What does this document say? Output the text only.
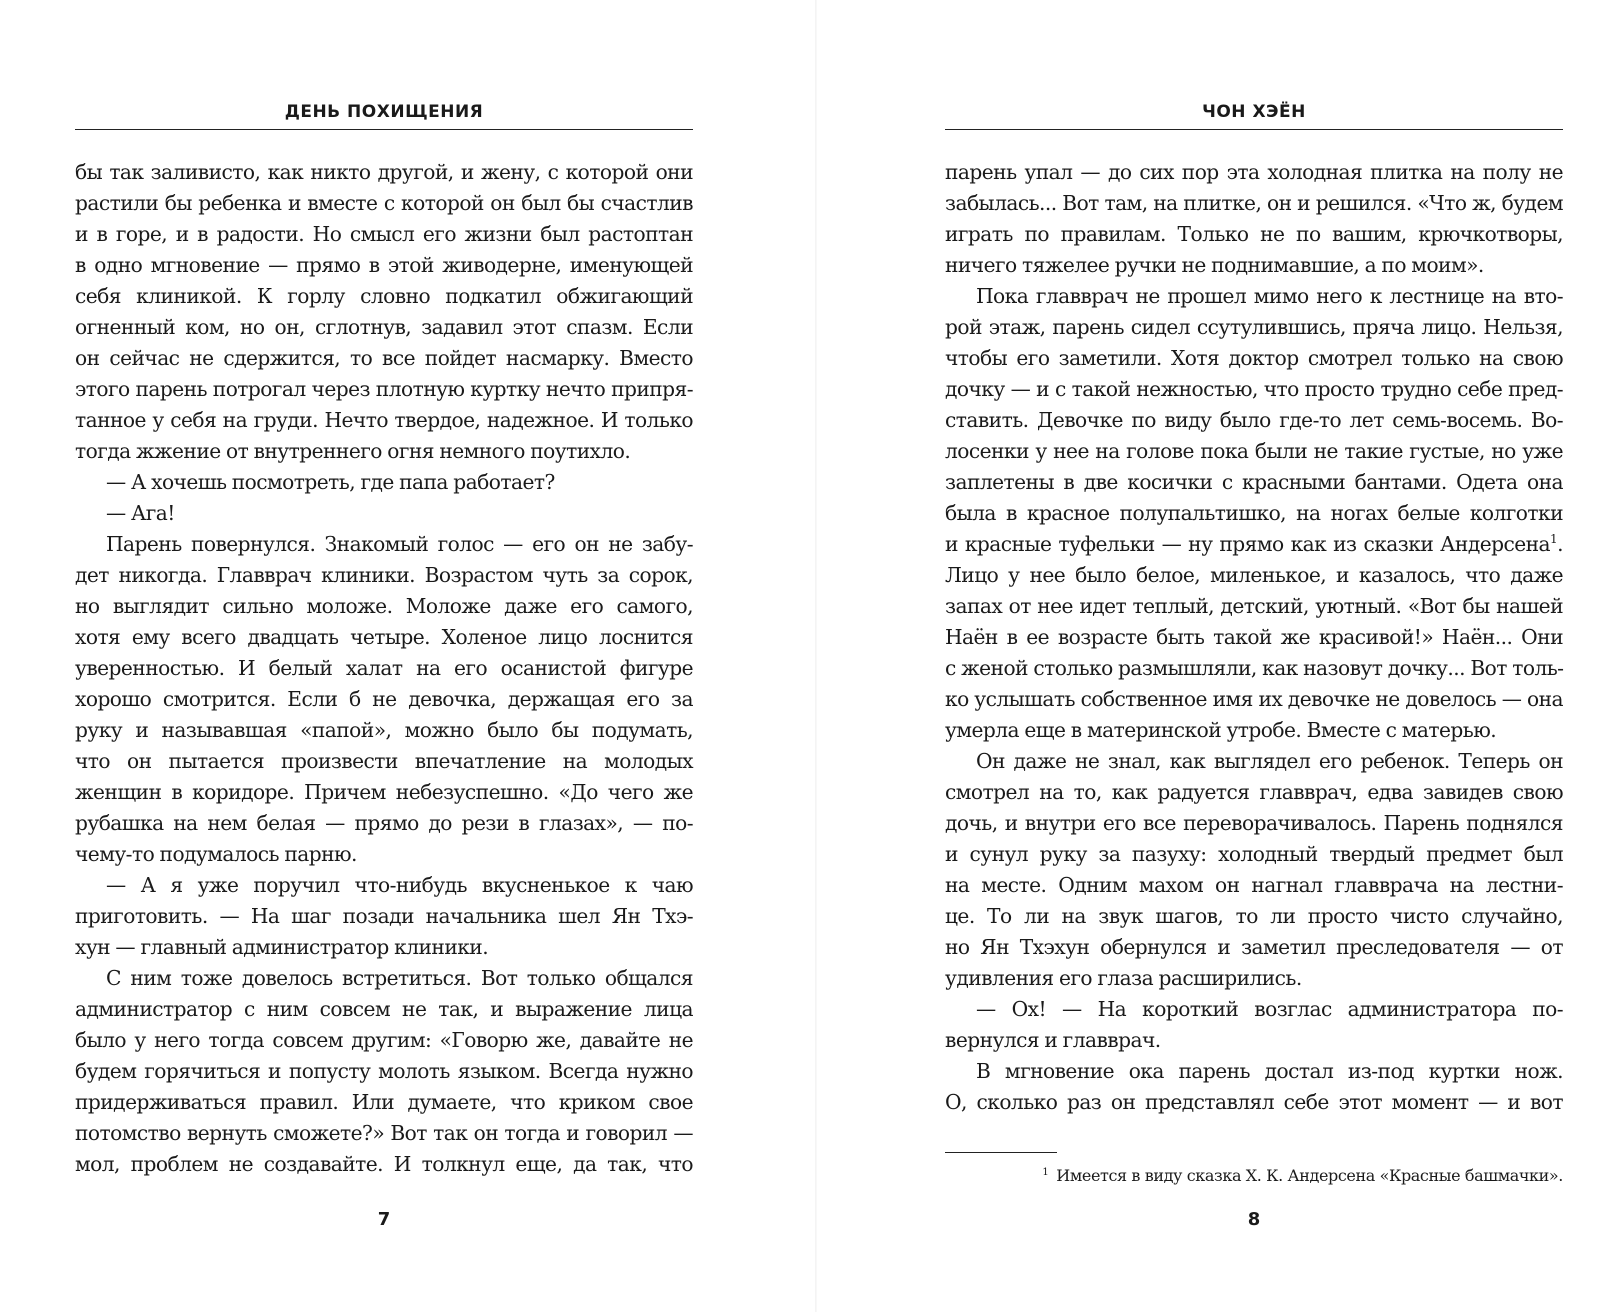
ДЕНЬ ПОХИЩЕНИЯ
бы так заливисто, как никто другой, и жену, с которой они
растили бы ребенка и вместе с которой он был бы счастлив
и в горе, и в радости. Но смысл его жизни был растоптан
в одно мгновение — прямо в этой живодерне, именующей
себя клиникой. К горлу словно подкатил обжигающий
огненный ком, но он, сглотнув, задавил этот спазм. Если
он сейчас не сдержится, то все пойдет насмарку. Вместо
этого парень потрогал через плотную куртку нечто припря-
танное у себя на груди. Нечто твердое, надежное. И только
тогда жжение от внутреннего огня немного поутихло.
— А хочешь посмотреть, где папа работает?
— Ага!
Парень повернулся. Знакомый голос — его он не забу-
дет никогда. Главврач клиники. Возрастом чуть за сорок,
но выглядит сильно моложе. Моложе даже его самого,
хотя ему всего двадцать четыре. Холеное лицо лоснится
уверенностью. И белый халат на его осанистой фигуре
хорошо смотрится. Если б не девочка, держащая его за
руку и называвшая «папой», можно было бы подумать,
что он пытается произвести впечатление на молодых
женщин в коридоре. Причем небезуспешно. «До чего же
рубашка на нем белая — прямо до рези в глазах», — по-
чему-то подумалось парню.
— А я уже поручил что-нибудь вкусненькое к чаю
приготовить. — На шаг позади начальника шел Ян Тхэ-
хун — главный администратор клиники.
С ним тоже довелось встретиться. Вот только общался
администратор с ним совсем не так, и выражение лица
было у него тогда совсем другим: «Говорю же, давайте не
будем горячиться и попусту молоть языком. Всегда нужно
придерживаться правил. Или думаете, что криком свое
потомство вернуть сможете?» Вот так он тогда и говорил —
мол, проблем не создавайте. И толкнул еще, да так, что
7
ЧОН ХЭЁН
парень упал — до сих пор эта холодная плитка на полу не
забылась... Вот там, на плитке, он и решился. «Что ж, будем
играть по правилам. Только не по вашим, крючкотворы,
ничего тяжелее ручки не поднимавшие, а по моим».
Пока главврач не прошел мимо него к лестнице на вто-
рой этаж, парень сидел ссутулившись, пряча лицо. Нельзя,
чтобы его заметили. Хотя доктор смотрел только на свою
дочку — и с такой нежностью, что просто трудно себе пред-
ставить. Девочке по виду было где-то лет семь-восемь. Во-
лосенки у нее на голове пока были не такие густые, но уже
заплетены в две косички с красными бантами. Одета она
была в красное полупальтишко, на ногах белые колготки
и красные туфельки — ну прямо как из сказки Андерсена$^1$.
Лицо у нее было белое, миленькое, и казалось, что даже
запах от нее идет теплый, детский, уютный. «Вот бы нашей
Наён в ее возрасте быть такой же красивой!» Наён... Они
с женой столько размышляли, как назовут дочку... Вот толь-
ко услышать собственное имя их девочке не довелось — она
умерла еще в материнской утробе. Вместе с матерью.
Он даже не знал, как выглядел его ребенок. Теперь он
смотрел на то, как радуется главврач, едва завидев свою
дочь, и внутри его все переворачивалось. Парень поднялся
и сунул руку за пазуху: холодный твердый предмет был
на месте. Одним махом он нагнал главврача на лестни-
це. То ли на звук шагов, то ли просто чисто случайно,
но Ян Тхэхун обернулся и заметил преследователя — от
удивления его глаза расширились.
— Ох! — На короткий возглас администратора по-
вернулся и главврач.
В мгновение ока парень достал из-под куртки нож.
О, сколько раз он представлял себе этот момент — и вот
$^1$ Имеется в виду сказка Х. К. Андерсена «Красные башмачки».
8
